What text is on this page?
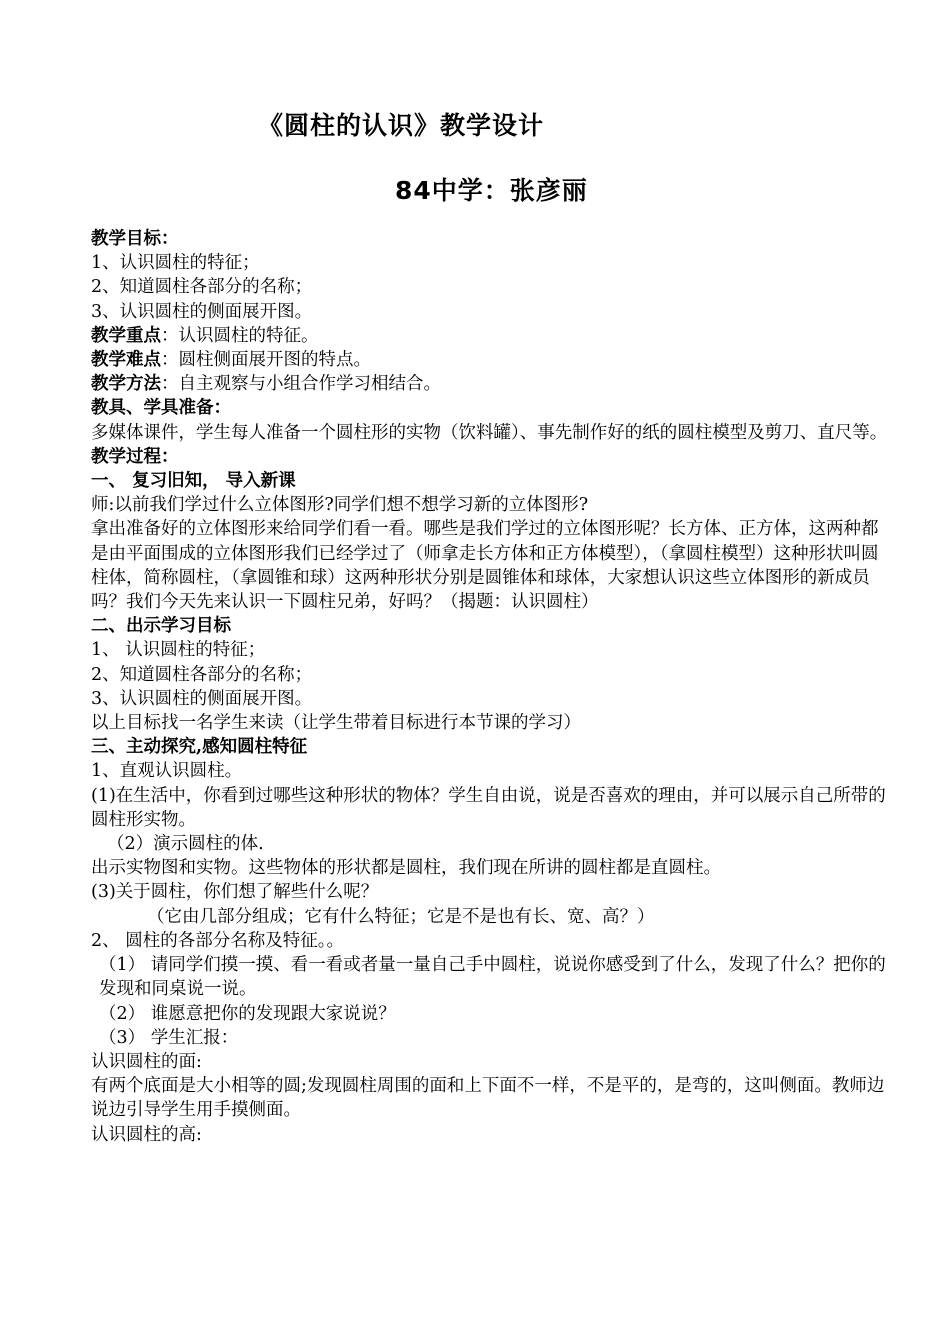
《圆柱的认识》教学设计
84中学：张彦丽
教学目标：
1、认识圆柱的特征；
2、知道圆柱各部分的名称；
3、认识圆柱的侧面展开图。
教学重点：认识圆柱的特征。
教学难点：圆柱侧面展开图的特点。
教学方法：自主观察与小组合作学习相结合。
教具、学具准备：
多媒体课件，学生每人准备一个圆柱形的实物（饮料罐）、事先制作好的纸的圆柱模型及剪刀、直尺等。
教学过程：
一、 复习旧知， 导入新课
师:以前我们学过什么立体图形?同学们想不想学习新的立体图形?
拿出准备好的立体图形来给同学们看一看。哪些是我们学过的立体图形呢？长方体、正方体，这两种都是由平面围成的立体图形我们已经学过了（师拿走长方体和正方体模型），（拿圆柱模型）这种形状叫圆柱体，简称圆柱，（拿圆锥和球）这两种形状分别是圆锥体和球体，大家想认识这些立体图形的新成员吗？我们今天先来认识一下圆柱兄弟，好吗？（揭题：认识圆柱）
二、出示学习目标
1、 认识圆柱的特征；
2、知道圆柱各部分的名称；
3、认识圆柱的侧面展开图。
以上目标找一名学生来读（让学生带着目标进行本节课的学习）
三、主动探究,感知圆柱特征
1、直观认识圆柱。
(1)在生活中，你看到过哪些这种形状的物体？学生自由说，说是否喜欢的理由，并可以展示自己所带的圆柱形实物。
（2）演示圆柱的体.
出示实物图和实物。这些物体的形状都是圆柱，我们现在所讲的圆柱都是直圆柱。
(3)关于圆柱，你们想了解些什么呢？
（它由几部分组成；它有什么特征；它是不是也有长、宽、高？）
2、 圆柱的各部分名称及特征。。
（1） 请同学们摸一摸、看一看或者量一量自己手中圆柱，说说你感受到了什么，发现了什么？把你的发现和同桌说一说。
（2） 谁愿意把你的发现跟大家说说？
（3） 学生汇报：
认识圆柱的面:
有两个底面是大小相等的圆;发现圆柱周围的面和上下面不一样，不是平的，是弯的，这叫侧面。教师边说边引导学生用手摸侧面。
认识圆柱的高:
